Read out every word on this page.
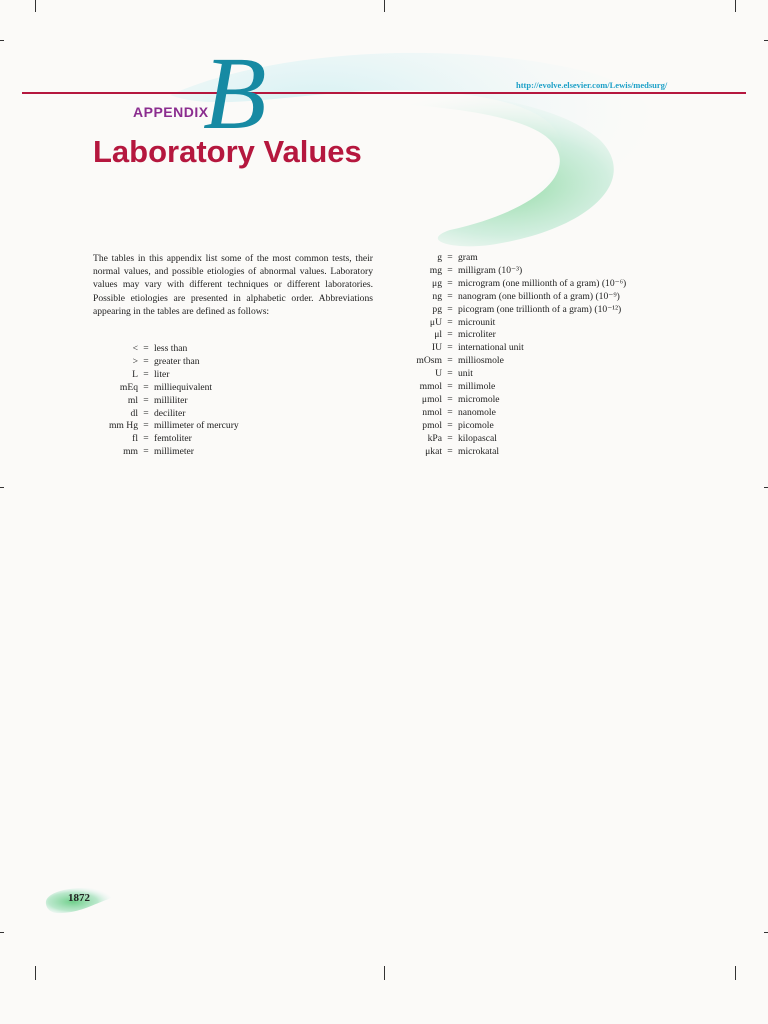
http://evolve.elsevier.com/Lewis/medsurg/
B
APPENDIX
Laboratory Values

The tables in this appendix list some of the most common tests, their normal values, and possible etiologies of abnormal values. Laboratory values may vary with different techniques or different laboratories. Possible etiologies are presented in alphabetic order. Abbreviations appearing in the tables are defined as follows:

< = less than
> = greater than
L = liter
mEq = milliequivalent
ml = milliliter
dl = deciliter
mm Hg = millimeter of mercury
fl = femtoliter
mm = millimeter
g = gram
mg = milligram (10⁻³)
μg = microgram (one millionth of a gram) (10⁻⁶)
ng = nanogram (one billionth of a gram) (10⁻⁹)
pg = picogram (one trillionth of a gram) (10⁻¹²)
μU = microunit
μl = microliter
IU = international unit
mOsm = milliosmole
U = unit
mmol = millimole
μmol = micromole
nmol = nanomole
pmol = picomole
kPa = kilopascal
μkat = microkatal
1872
